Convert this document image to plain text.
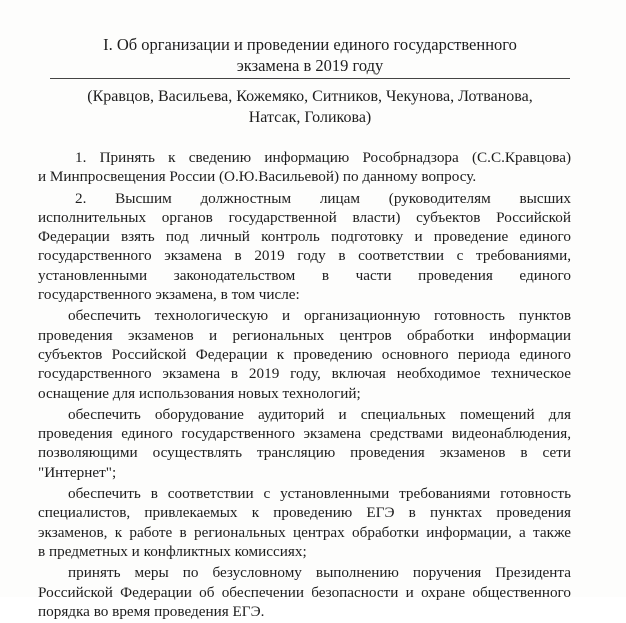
I. Об организации и проведении единого государственного
экзамена в 2019 году
(Кравцов, Васильева, Кожемяко, Ситников, Чекунова, Лотванова,
Натсак, Голикова)
1. Принять к сведению информацию Рособрнадзора (С.С.Кравцова)
и Минпросвещения России (О.Ю.Васильевой) по данному вопросу.
2. Высшим должностным лицам (руководителям высших
исполнительных органов государственной власти) субъектов Российской
Федерации взять под личный контроль подготовку и проведение единого
государственного экзамена в 2019 году в соответствии с требованиями,
установленными законодательством в части проведения единого
государственного экзамена, в том числе:
обеспечить технологическую и организационную готовность пунктов
проведения экзаменов и региональных центров обработки информации
субъектов Российской Федерации к проведению основного периода единого
государственного экзамена в 2019 году, включая необходимое техническое
оснащение для использования новых технологий;
обеспечить оборудование аудиторий и специальных помещений для
проведения единого государственного экзамена средствами видеонаблюдения,
позволяющими осуществлять трансляцию проведения экзаменов в сети
"Интернет";
обеспечить в соответствии с установленными требованиями готовность
специалистов, привлекаемых к проведению ЕГЭ в пунктах проведения
экзаменов, к работе в региональных центрах обработки информации, а также
в предметных и конфликтных комиссиях;
принять меры по безусловному выполнению поручения Президента
Российской Федерации об обеспечении безопасности и охране общественного
порядка во время проведения ЕГЭ.
